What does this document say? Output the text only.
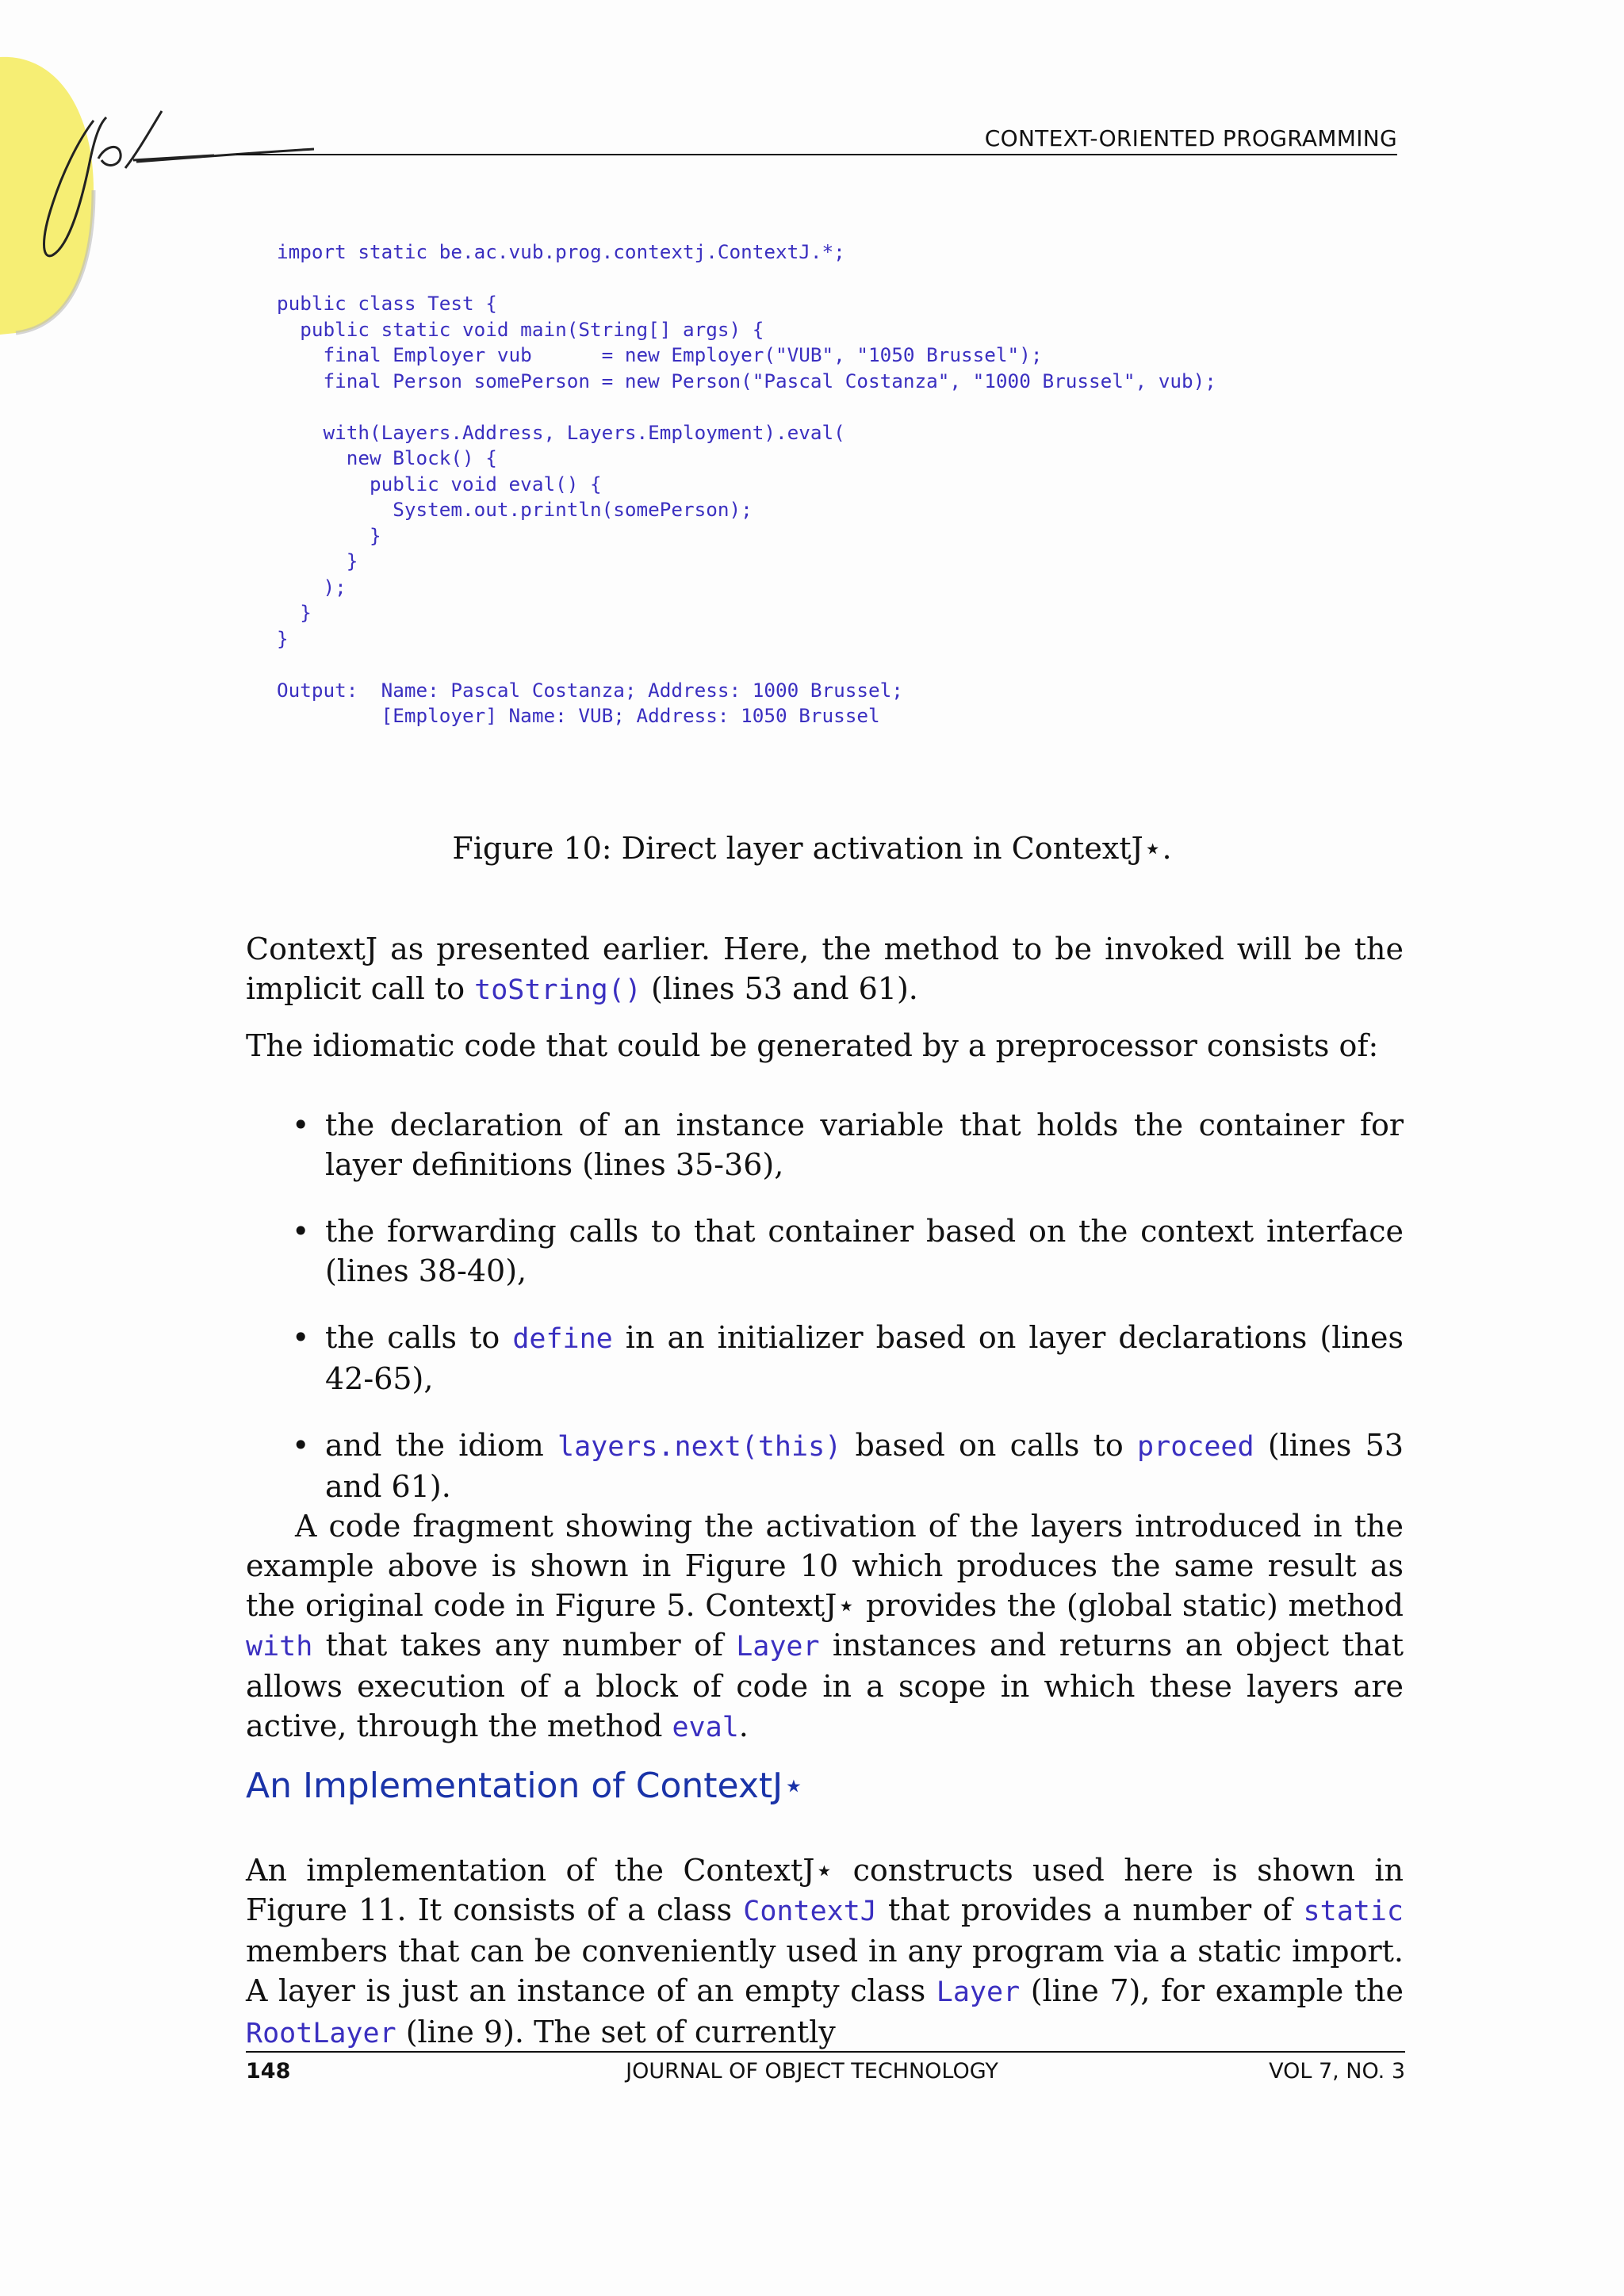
CONTEXT-ORIENTED PROGRAMMING
import static be.ac.vub.prog.contextj.ContextJ.*;

public class Test {
public static void main(String[] args) {
final Employer vub      = new Employer("VUB", "1050 Brussel");
final Person somePerson = new Person("Pascal Costanza", "1000 Brussel", vub);

with(Layers.Address, Layers.Employment).eval(
new Block() {
public void eval() {
System.out.println(somePerson);
}
}
);
}
}

Output:  Name: Pascal Costanza; Address: 1000 Brussel;
[Employer] Name: VUB; Address: 1050 Brussel
Figure 10: Direct layer activation in ContextJ⋆.

ContextJ as presented earlier. Here, the method to be invoked will be the implicit call to toString() (lines 53 and 61).

The idiomatic code that could be generated by a preprocessor consists of:

• the declaration of an instance variable that holds the container for layer definitions (lines 35-36),
• the forwarding calls to that container based on the context interface (lines 38-40),
• the calls to define in an initializer based on layer declarations (lines 42-65),
• and the idiom layers.next(this) based on calls to proceed (lines 53 and 61).

A code fragment showing the activation of the layers introduced in the example above is shown in Figure 10 which produces the same result as the original code in Figure 5. ContextJ⋆ provides the (global static) method with that takes any number of Layer instances and returns an object that allows execution of a block of code in a scope in which these layers are active, through the method eval.

An Implementation of ContextJ⋆

An implementation of the ContextJ⋆ constructs used here is shown in Figure 11. It consists of a class ContextJ that provides a number of static members that can be conveniently used in any program via a static import. A layer is just an instance of an empty class Layer (line 7), for example the RootLayer (line 9). The set of currently

148	JOURNAL OF OBJECT TECHNOLOGY	VOL 7, NO. 3
